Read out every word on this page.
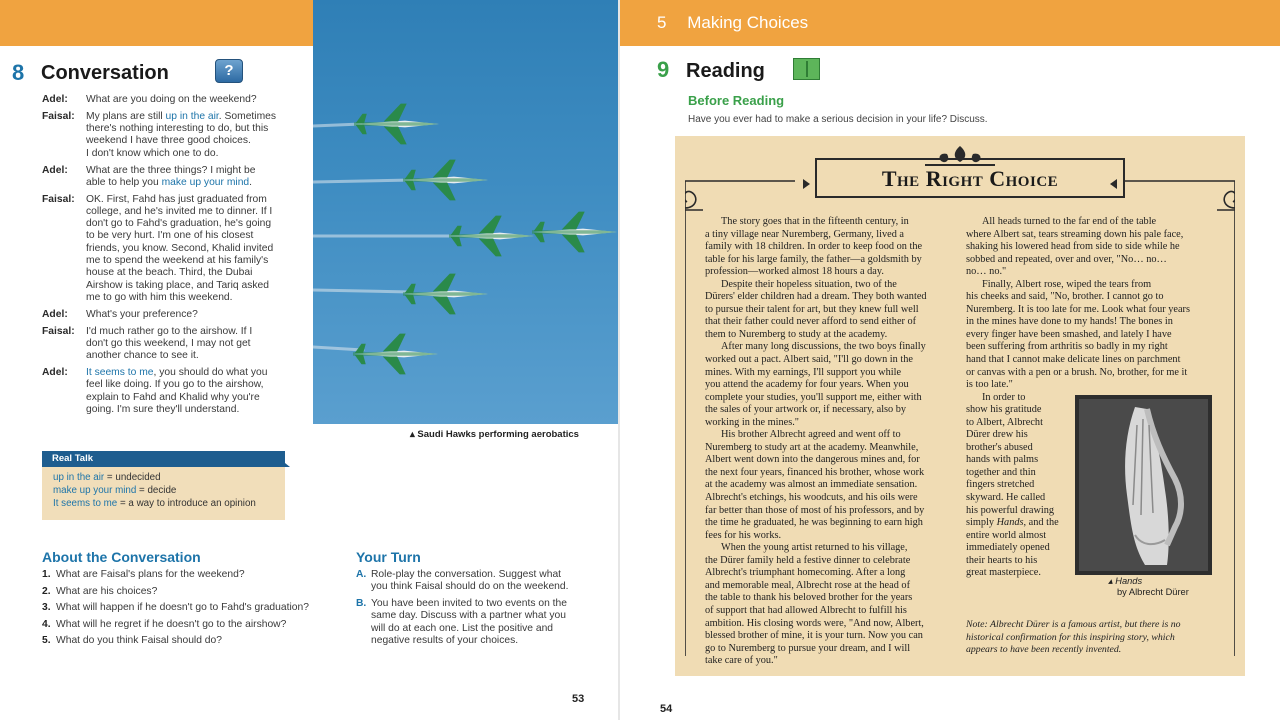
8 Conversation	?
Adel: What are you doing on the weekend?
Faisal: My plans are still up in the air. Sometimes
there's nothing interesting to do, but this
weekend I have three good choices.
I don't know which one to do.
Adel: What are the three things? I might be
able to help you make up your mind.
Faisal: OK. First, Fahd has just graduated from
college, and he's invited me to dinner. If I
don't go to Fahd's graduation, he's going
to be very hurt. I'm one of his closest
friends, you know. Second, Khalid invited
me to spend the weekend at his family's
house at the beach. Third, the Dubai
Airshow is taking place, and Tariq asked
me to go with him this weekend.
Adel: What's your preference?
Faisal: I'd much rather go to the airshow. If I
don't go this weekend, I may not get
another chance to see it.
Adel: It seems to me, you should do what you
feel like doing. If you go to the airshow,
explain to Fahd and Khalid why you're
going. I'm sure they'll understand.
▴ Saudi Hawks performing aerobatics
Real Talk
up in the air = undecided
make up your mind = decide
It seems to me = a way to introduce an opinion
About the Conversation
1. What are Faisal's plans for the weekend?
2. What are his choices?
3. What will happen if he doesn't go to Fahd's graduation?
4. What will he regret if he doesn't go to the airshow?
5. What do you think Faisal should do?
Your Turn
A. Role-play the conversation. Suggest what
you think Faisal should do on the weekend.
B. You have been invited to two events on the
same day. Discuss with a partner what you
will do at each one. List the positive and
negative results of your choices.
53
5 Making Choices
9 Reading
Before Reading
Have you ever had to make a serious decision in your life? Discuss.
The Right Choice
The story goes that in the fifteenth century, in
a tiny village near Nuremberg, Germany, lived a
family with 18 children. In order to keep food on the
table for his large family, the father—a goldsmith by
profession—worked almost 18 hours a day.
Despite their hopeless situation, two of the
Dürers' elder children had a dream. They both wanted
to pursue their talent for art, but they knew full well
that their father could never afford to send either of
them to Nuremberg to study at the academy.
After many long discussions, the two boys finally
worked out a pact. Albert said, "I'll go down in the
mines. With my earnings, I'll support you while
you attend the academy for four years. When you
complete your studies, you'll support me, either with
the sales of your artwork or, if necessary, also by
working in the mines."
His brother Albrecht agreed and went off to
Nuremberg to study art at the academy. Meanwhile,
Albert went down into the dangerous mines and, for
the next four years, financed his brother, whose work
at the academy was almost an immediate sensation.
Albrecht's etchings, his woodcuts, and his oils were
far better than those of most of his professors, and by
the time he graduated, he was beginning to earn high
fees for his works.
When the young artist returned to his village,
the Dürer family held a festive dinner to celebrate
Albrecht's triumphant homecoming. After a long
and memorable meal, Albrecht rose at the head of
the table to thank his beloved brother for the years
of support that had allowed Albrecht to fulfill his
ambition. His closing words were, "And now, Albert,
blessed brother of mine, it is your turn. Now you can
go to Nuremberg to pursue your dream, and I will
take care of you."
All heads turned to the far end of the table
where Albert sat, tears streaming down his pale face,
shaking his lowered head from side to side while he
sobbed and repeated, over and over, "No… no…
no… no."
Finally, Albert rose, wiped the tears from
his cheeks and said, "No, brother. I cannot go to
Nuremberg. It is too late for me. Look what four years
in the mines have done to my hands! The bones in
every finger have been smashed, and lately I have
been suffering from arthritis so badly in my right
hand that I cannot make delicate lines on parchment
or canvas with a pen or a brush. No, brother, for me it
is too late."
In order to
show his gratitude
to Albert, Albrecht
Dürer drew his
brother's abused
hands with palms
together and thin
fingers stretched
skyward. He called
his powerful drawing
simply Hands, and the
entire world almost
immediately opened
their hearts to his
great masterpiece.
▴ Hands
by Albrecht Dürer
Note: Albrecht Dürer is a famous artist, but there is no
historical confirmation for this inspiring story, which
appears to have been recently invented.
54
